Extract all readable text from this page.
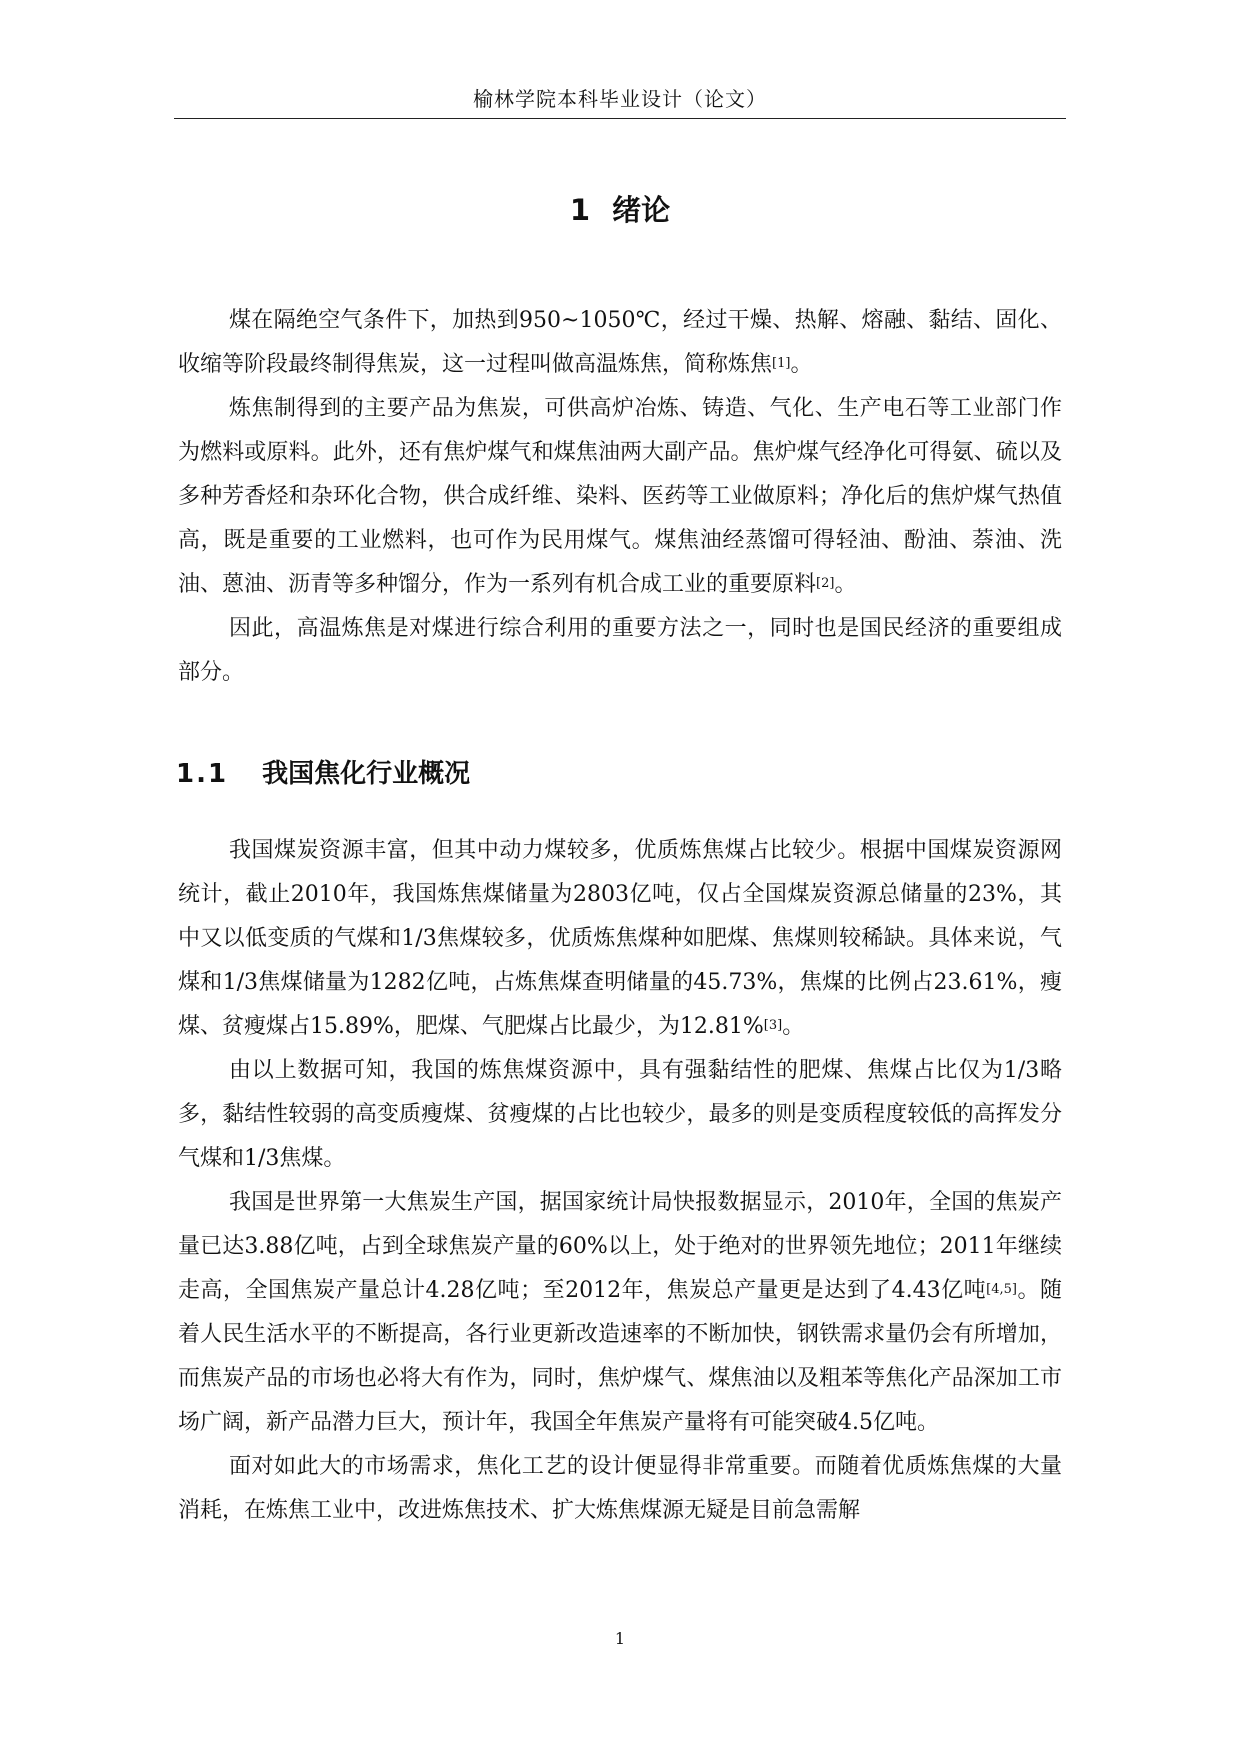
榆林学院本科毕业设计（论文）
1 绪论

煤在隔绝空气条件下，加热到950~1050℃，经过干燥、热解、熔融、黏结、固化、收缩等阶段最终制得焦炭，这一过程叫做高温炼焦，简称炼焦[1]。

炼焦制得到的主要产品为焦炭，可供高炉冶炼、铸造、气化、生产电石等工业部门作为燃料或原料。此外，还有焦炉煤气和煤焦油两大副产品。焦炉煤气经净化可得氨、硫以及多种芳香烃和杂环化合物，供合成纤维、染料、医药等工业做原料；净化后的焦炉煤气热值高，既是重要的工业燃料，也可作为民用煤气。煤焦油经蒸馏可得轻油、酚油、萘油、洗油、蒽油、沥青等多种馏分，作为一系列有机合成工业的重要原料[2]。

因此，高温炼焦是对煤进行综合利用的重要方法之一，同时也是国民经济的重要组成部分。

1.1 我国焦化行业概况

我国煤炭资源丰富，但其中动力煤较多，优质炼焦煤占比较少。根据中国煤炭资源网统计，截止2010年，我国炼焦煤储量为2803亿吨，仅占全国煤炭资源总储量的23%，其中又以低变质的气煤和1/3焦煤较多，优质炼焦煤种如肥煤、焦煤则较稀缺。具体来说，气煤和1/3焦煤储量为1282亿吨，占炼焦煤查明储量的45.73%，焦煤的比例占23.61%，瘦煤、贫瘦煤占15.89%，肥煤、气肥煤占比最少，为12.81%[3]。

由以上数据可知，我国的炼焦煤资源中，具有强黏结性的肥煤、焦煤占比仅为1/3略多，黏结性较弱的高变质瘦煤、贫瘦煤的占比也较少，最多的则是变质程度较低的高挥发分气煤和1/3焦煤。

我国是世界第一大焦炭生产国，据国家统计局快报数据显示，2010年，全国的焦炭产量已达3.88亿吨，占到全球焦炭产量的60%以上，处于绝对的世界领先地位；2011年继续走高，全国焦炭产量总计4.28亿吨；至2012年，焦炭总产量更是达到了4.43亿吨[4,5]。随着人民生活水平的不断提高，各行业更新改造速率的不断加快，钢铁需求量仍会有所增加，而焦炭产品的市场也必将大有作为，同时，焦炉煤气、煤焦油以及粗苯等焦化产品深加工市场广阔，新产品潜力巨大，预计年，我国全年焦炭产量将有可能突破4.5亿吨。

面对如此大的市场需求，焦化工艺的设计便显得非常重要。而随着优质炼焦煤的大量消耗，在炼焦工业中，改进炼焦技术、扩大炼焦煤源无疑是目前急需解

1
